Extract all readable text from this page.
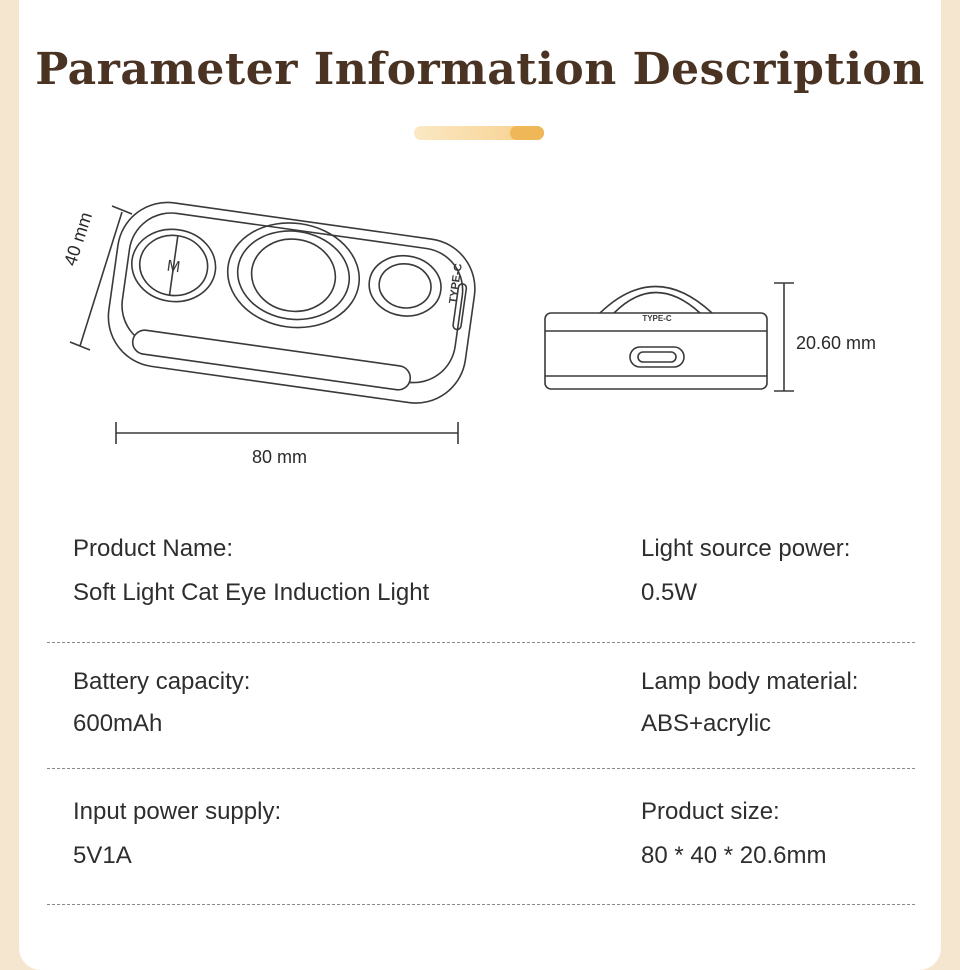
Parameter Information Description
M	TYPE-C
TYPE-C
40 mm
80 mm
20.60 mm
Product Name:
Soft Light Cat Eye Induction Light
Light source power:
0.5W
Battery capacity:
600mAh
Lamp body material:
ABS+acrylic
Input power supply:
5V1A
Product size:
80 * 40 * 20.6mm
